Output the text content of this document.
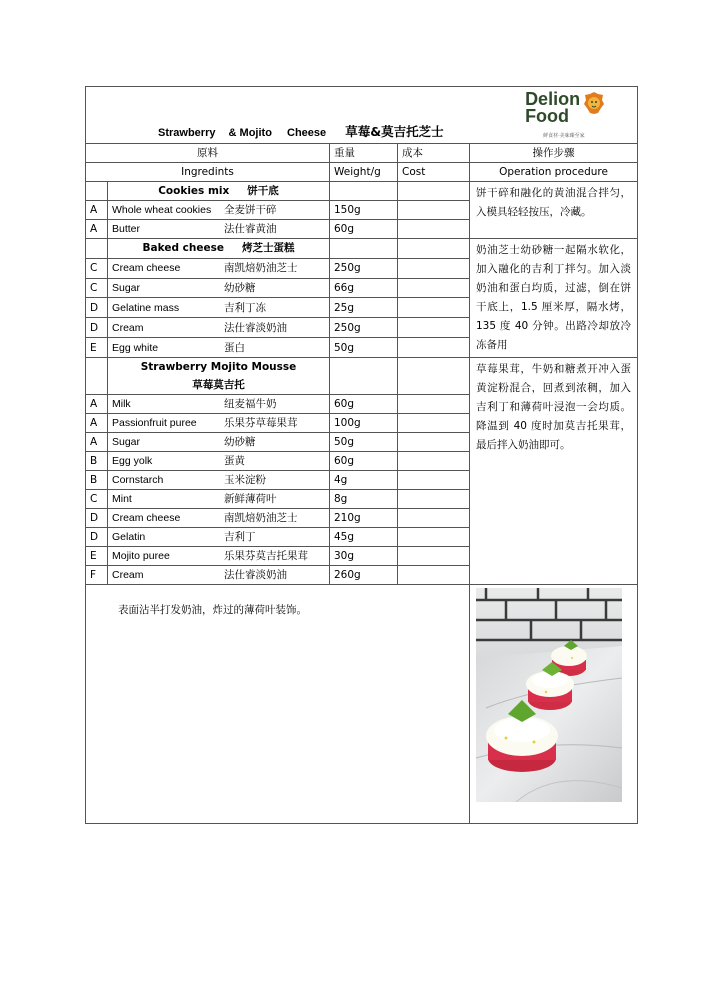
Strawberry & Mojito Cheese 草莓&莫吉托芝士
Delion
Food
鲜食材·美味臻至家				

原料		重量	成本	操作步骤
Ingredints		Weight/g	Cost	Operation procedure
	Cookies mix 饼干底			饼干碎和融化的黄油混合拌匀，入模具轻轻按压，冷藏。
A	Whole wheat cookies 全麦饼干碎	150g		
A	Butter 法仕睿黄油	60g		
	Baked cheese 烤芝士蛋糕			奶油芝士幼砂糖一起隔水软化，加入融化的吉利丁拌匀。加入淡奶油和蛋白均质，过滤，倒在饼干底上，1.5 厘米厚，隔水烤，135 度 40 分钟。出路冷却放冷冻备用
C	Cream cheese 南凯焙奶油芝士	250g		
C	Sugar 幼砂糖	66g		
D	Gelatine mass 吉利丁冻	25g		
D	Cream 法仕睿淡奶油	250g		
E	Egg white 蛋白	50g		
	Strawberry Mojito Mousse
草莓莫吉托			草莓果茸，牛奶和糖煮开冲入蛋黄淀粉混合，回煮到浓稠，加入吉利丁和薄荷叶浸泡一会均质。降温到 40 度时加莫吉托果茸，最后拌入奶油即可。
A	Milk 纽麦福牛奶	60g		
A	Passionfruit puree 乐果芬草莓果茸	100g		
A	Sugar 幼砂糖	50g		
B	Egg yolk 蛋黄	60g		
B	Cornstarch 玉米淀粉	4g		
C	Mint 新鲜薄荷叶	8g		
D	Cream cheese 南凯焙奶油芝士	210g		
D	Gelatin 吉利丁	45g		
E	Mojito puree 乐果芬莫吉托果茸	30g		
F	Cream 法仕睿淡奶油	260g		
表面沾半打发奶油，炸过的薄荷叶装饰。	
